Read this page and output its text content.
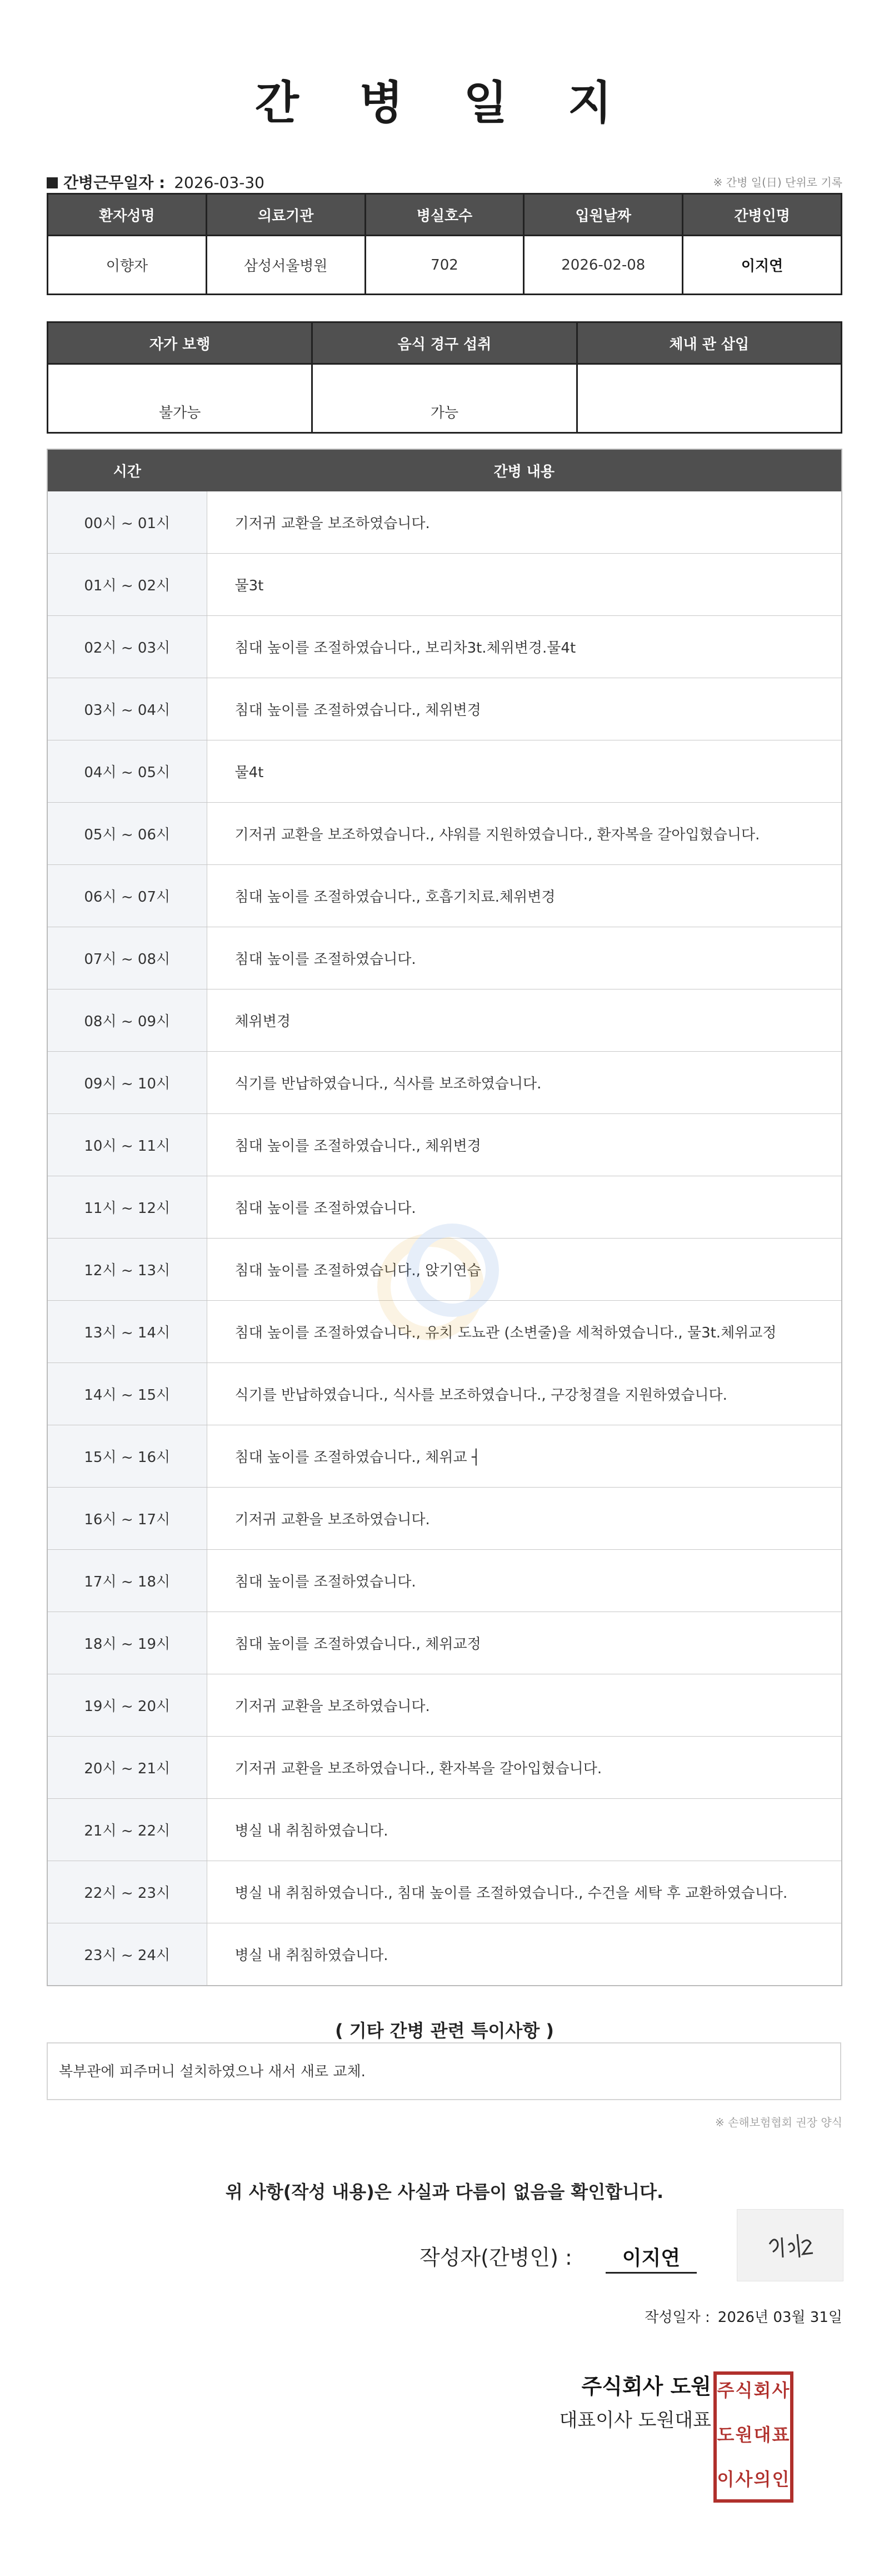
간 병 일 지
간병근무일자 : 2026-03-30	※ 간병 일(日) 단위로 기록
환자성명	의료기관	병실호수	입원날짜	간병인명
이향자	삼성서울병원	702	2026-02-08	이지연
자가 보행	음식 경구 섭취	체내 관 삽입
불가능	가능	
시간	간병 내용
00시 ~ 01시	기저귀 교환을 보조하였습니다.
01시 ~ 02시	물3t
02시 ~ 03시	침대 높이를 조절하였습니다., 보리차3t.체위변경.물4t
03시 ~ 04시	침대 높이를 조절하였습니다., 체위변경
04시 ~ 05시	물4t
05시 ~ 06시	기저귀 교환을 보조하였습니다., 샤워를 지원하였습니다., 환자복을 갈아입혔습니다.
06시 ~ 07시	침대 높이를 조절하였습니다., 호흡기치료.체위변경
07시 ~ 08시	침대 높이를 조절하였습니다.
08시 ~ 09시	체위변경
09시 ~ 10시	식기를 반납하였습니다., 식사를 보조하였습니다.
10시 ~ 11시	침대 높이를 조절하였습니다., 체위변경
11시 ~ 12시	침대 높이를 조절하였습니다.
12시 ~ 13시	침대 높이를 조절하였습니다., 앉기연습
13시 ~ 14시	침대 높이를 조절하였습니다., 유치 도뇨관 (소변줄)을 세척하였습니다., 물3t.체위교정
14시 ~ 15시	식기를 반납하였습니다., 식사를 보조하였습니다., 구강청결을 지원하였습니다.
15시 ~ 16시	침대 높이를 조절하였습니다., 체위교 ┤
16시 ~ 17시	기저귀 교환을 보조하였습니다.
17시 ~ 18시	침대 높이를 조절하였습니다.
18시 ~ 19시	침대 높이를 조절하였습니다., 체위교정
19시 ~ 20시	기저귀 교환을 보조하였습니다.
20시 ~ 21시	기저귀 교환을 보조하였습니다., 환자복을 갈아입혔습니다.
21시 ~ 22시	병실 내 취침하였습니다.
22시 ~ 23시	병실 내 취침하였습니다., 침대 높이를 조절하였습니다., 수건을 세탁 후 교환하였습니다.
23시 ~ 24시	병실 내 취침하였습니다.
( 기타 간병 관련 특이사항 )
복부관에 피주머니 설치하였으나 새서 새로 교체.
※ 손해보험협회 권장 양식
위 사항(작성 내용)은 사실과 다름이 없음을 확인합니다.
작성자(간병인) :	이지연
작성일자 : 2026년 03월 31일
주식회사 도원
대표이사 도원대표
주 식 회 사
도 원 대 표
이 사 의 인
